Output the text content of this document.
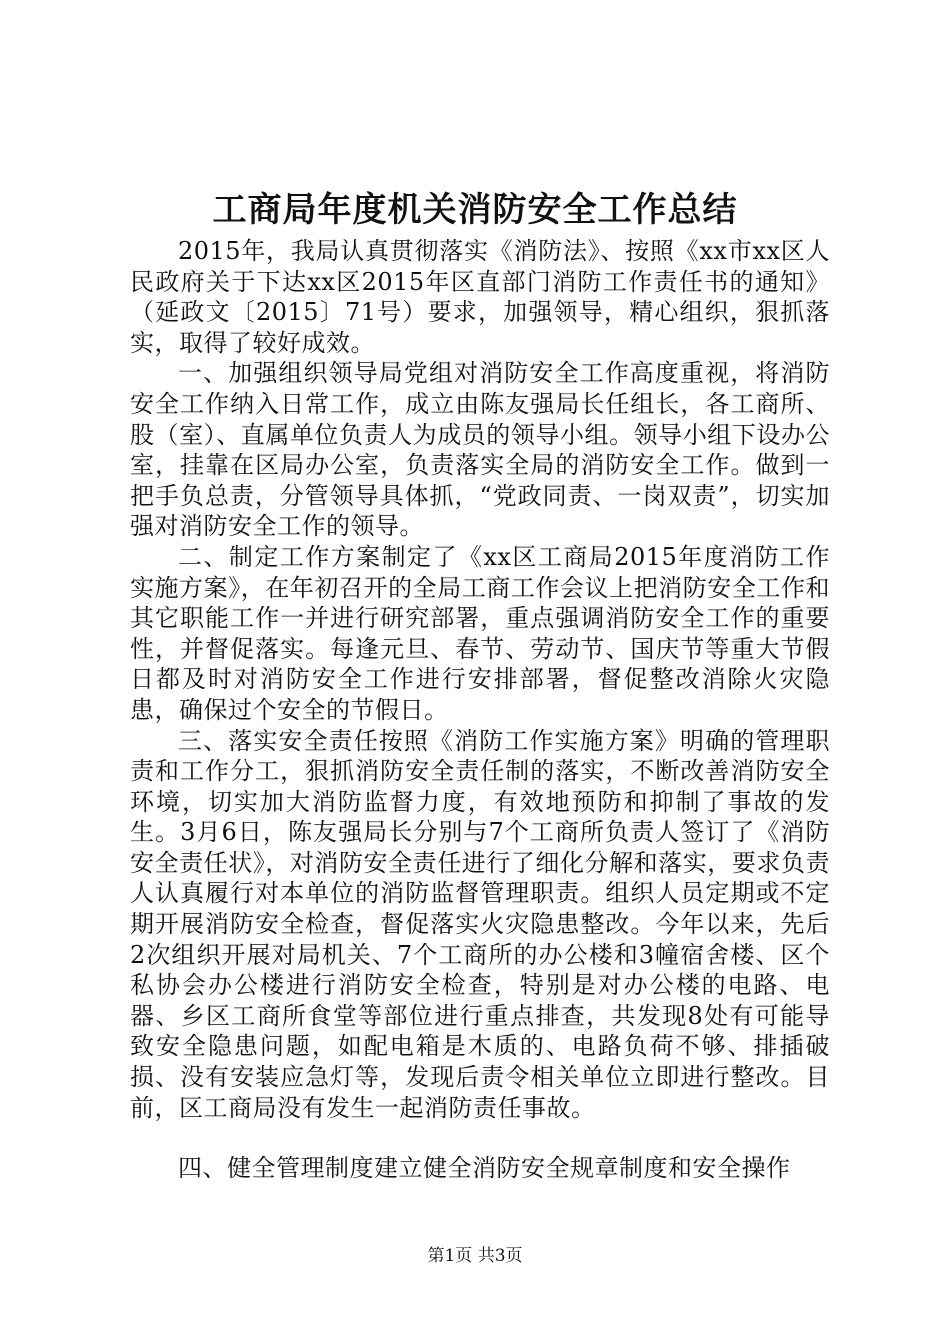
工商局年度机关消防安全工作总结

2015年，我局认真贯彻落实《消防法》、按照《xx市xx区人民政府关于下达xx区2015年区直部门消防工作责任书的通知》（延政文〔2015〕71号）要求，加强领导，精心组织，狠抓落实，取得了较好成效。

一、加强组织领导局党组对消防安全工作高度重视，将消防安全工作纳入日常工作，成立由陈友强局长任组长，各工商所、股（室）、直属单位负责人为成员的领导小组。领导小组下设办公室，挂靠在区局办公室，负责落实全局的消防安全工作。做到一把手负总责，分管领导具体抓，“党政同责、一岗双责”，切实加强对消防安全工作的领导。

二、制定工作方案制定了《xx区工商局2015年度消防工作实施方案》，在年初召开的全局工商工作会议上把消防安全工作和其它职能工作一并进行研究部署，重点强调消防安全工作的重要性，并督促落实。每逢元旦、春节、劳动节、国庆节等重大节假日都及时对消防安全工作进行安排部署，督促整改消除火灾隐患，确保过个安全的节假日。

三、落实安全责任按照《消防工作实施方案》明确的管理职责和工作分工，狠抓消防安全责任制的落实，不断改善消防安全环境，切实加大消防监督力度，有效地预防和抑制了事故的发生。3月6日，陈友强局长分别与7个工商所负责人签订了《消防安全责任状》，对消防安全责任进行了细化分解和落实，要求负责人认真履行对本单位的消防监督管理职责。组织人员定期或不定期开展消防安全检查，督促落实火灾隐患整改。今年以来，先后2次组织开展对局机关、7个工商所的办公楼和3幢宿舍楼、区个私协会办公楼进行消防安全检查，特别是对办公楼的电路、电器、乡区工商所食堂等部位进行重点排查，共发现8处有可能导致安全隐患问题，如配电箱是木质的、电路负荷不够、排插破损、没有安装应急灯等，发现后责令相关单位立即进行整改。目前，区工商局没有发生一起消防责任事故。

四、健全管理制度建立健全消防安全规章制度和安全操作

第1页 共3页
